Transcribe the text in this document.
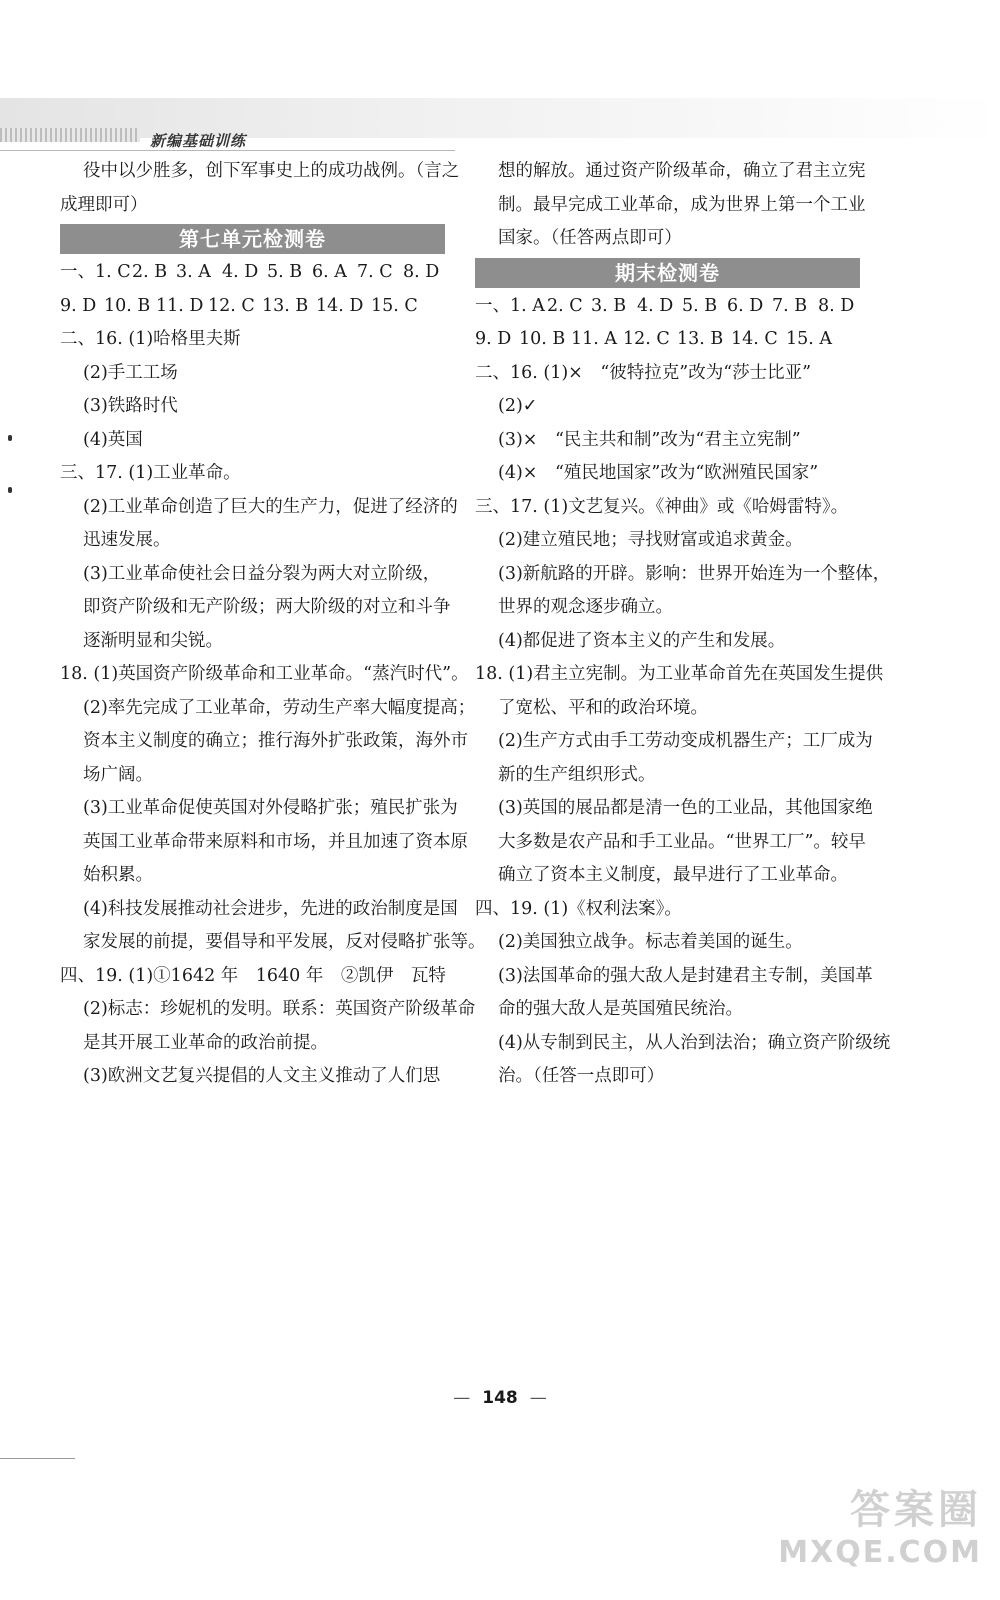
新编基础训练
役中以少胜多，创下军事史上的成功战例。（言之
成理即可）
第七单元检测卷
一、1. C 2. B 3. A 4. D 5. B 6. A 7. C 8. D
9. D 10. B 11. D 12. C 13. B 14. D 15. C
二、16. (1)哈格里夫斯
(2)手工工场
(3)铁路时代
(4)英国
三、17. (1)工业革命。
(2)工业革命创造了巨大的生产力，促进了经济的
迅速发展。
(3)工业革命使社会日益分裂为两大对立阶级，
即资产阶级和无产阶级；两大阶级的对立和斗争
逐渐明显和尖锐。
18. (1)英国资产阶级革命和工业革命。“蒸汽时代”。
(2)率先完成了工业革命，劳动生产率大幅度提高；
资本主义制度的确立；推行海外扩张政策，海外市
场广阔。
(3)工业革命促使英国对外侵略扩张；殖民扩张为
英国工业革命带来原料和市场，并且加速了资本原
始积累。
(4)科技发展推动社会进步，先进的政治制度是国
家发展的前提，要倡导和平发展，反对侵略扩张等。
四、19. (1)①1642 年　1640 年　②凯伊　瓦特
(2)标志：珍妮机的发明。联系：英国资产阶级革命
是其开展工业革命的政治前提。
(3)欧洲文艺复兴提倡的人文主义推动了人们思
想的解放。通过资产阶级革命，确立了君主立宪
制。最早完成工业革命，成为世界上第一个工业
国家。（任答两点即可）
期末检测卷
一、1. A 2. C 3. B 4. D 5. B 6. D 7. B 8. D
9. D 10. B 11. A 12. C 13. B 14. C 15. A
二、16. (1)×　“彼特拉克”改为“莎士比亚”
(2)✓
(3)×　“民主共和制”改为“君主立宪制”
(4)×　“殖民地国家”改为“欧洲殖民国家”
三、17. (1)文艺复兴。《神曲》或《哈姆雷特》。
(2)建立殖民地；寻找财富或追求黄金。
(3)新航路的开辟。影响：世界开始连为一个整体，
世界的观念逐步确立。
(4)都促进了资本主义的产生和发展。
18. (1)君主立宪制。为工业革命首先在英国发生提供
了宽松、平和的政治环境。
(2)生产方式由手工劳动变成机器生产；工厂成为
新的生产组织形式。
(3)英国的展品都是清一色的工业品，其他国家绝
大多数是农产品和手工业品。“世界工厂”。较早
确立了资本主义制度，最早进行了工业革命。
四、19. (1)《权利法案》。
(2)美国独立战争。标志着美国的诞生。
(3)法国革命的强大敌人是封建君主专制，美国革
命的强大敌人是英国殖民统治。
(4)从专制到民主，从人治到法治；确立资产阶级统
治。（任答一点即可）
— 148 —
答案圈
MXQE.COM
